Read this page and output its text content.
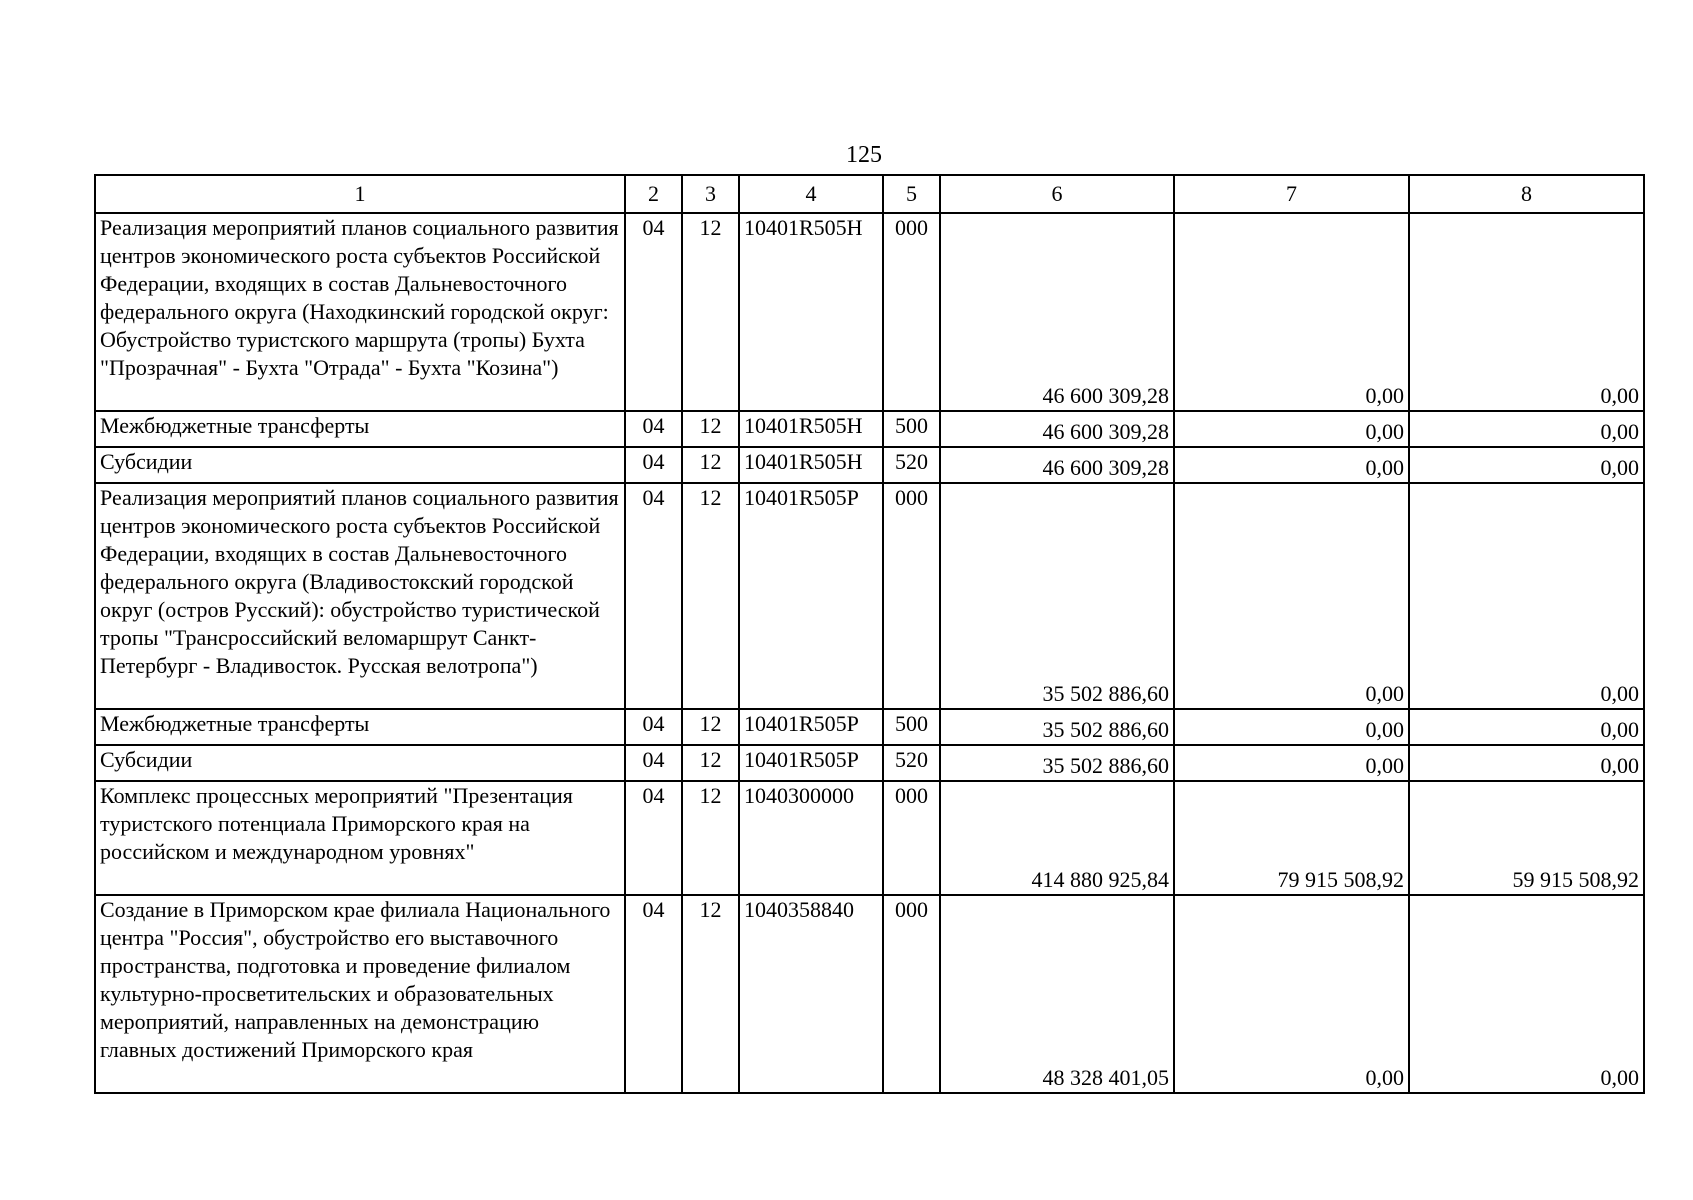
125
1	2	3	4	5	6	7	8
Реализация мероприятий планов социального развития центров экономического роста субъектов Российской Федерации, входящих в состав Дальневосточного федерального округа (Находкинский городской округ: Обустройство туристского маршрута (тропы) Бухта "Прозрачная" - Бухта "Отрада" - Бухта "Козина")	04	12	10401R505H	000	46 600 309,28	0,00	0,00
Межбюджетные трансферты	04	12	10401R505H	500	46 600 309,28	0,00	0,00
Субсидии	04	12	10401R505H	520	46 600 309,28	0,00	0,00
Реализация мероприятий планов социального развития центров экономического роста субъектов Российской Федерации, входящих в состав Дальневосточного федерального округа (Владивостокский городской округ (остров Русский): обустройство туристической тропы "Трансроссийский веломаршрут Санкт-Петербург - Владивосток. Русская велотропа")	04	12	10401R505P	000	35 502 886,60	0,00	0,00
Межбюджетные трансферты	04	12	10401R505P	500	35 502 886,60	0,00	0,00
Субсидии	04	12	10401R505P	520	35 502 886,60	0,00	0,00
Комплекс процессных мероприятий "Презентация туристского потенциала Приморского края на российском и международном уровнях"	04	12	1040300000	000	414 880 925,84	79 915 508,92	59 915 508,92
Создание в Приморском крае филиала Национального центра "Россия", обустройство его выставочного пространства, подготовка и проведение филиалом культурно-просветительских и образовательных мероприятий, направленных на демонстрацию главных достижений Приморского края	04	12	1040358840	000	48 328 401,05	0,00	0,00
